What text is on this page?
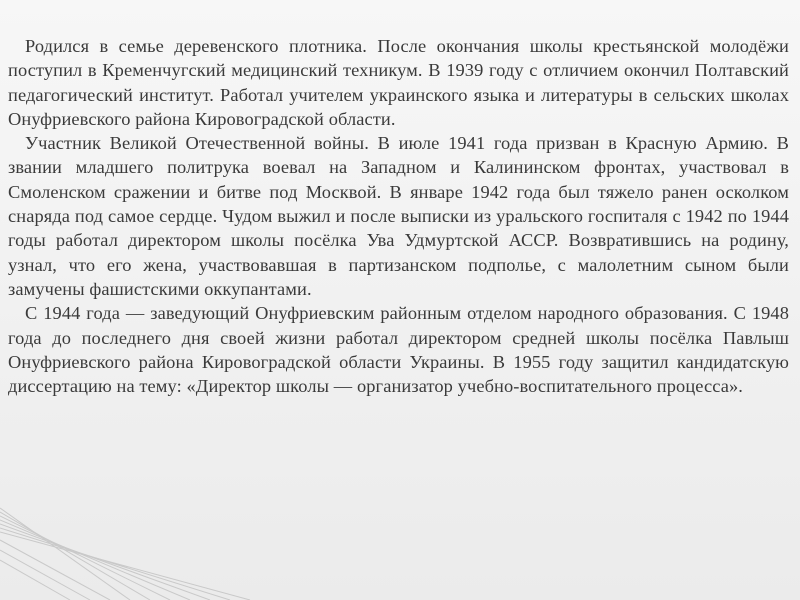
Родился в семье деревенского плотника. После окончания школы крестьянской молодёжи поступил в Кременчугский медицинский техникум. В 1939 году с отличием окончил Полтавский педагогический институт. Работал учителем украинского языка и литературы в сельских школах Онуфриевского района Кировоградской области.

Участник Великой Отечественной войны. В июле 1941 года призван в Красную Армию. В звании младшего политрука воевал на Западном и Калининском фронтах, участвовал в Смоленском сражении и битве под Москвой. В январе 1942 года был тяжело ранен осколком снаряда под самое сердце. Чудом выжил и после выписки из уральского госпиталя с 1942 по 1944 годы работал директором школы посёлка Ува Удмуртской АССР. Возвратившись на родину, узнал, что его жена, участвовавшая в партизанском подполье, с малолетним сыном были замучены фашистскими оккупантами.

С 1944 года — заведующий Онуфриевским районным отделом народного образования. С 1948 года до последнего дня своей жизни работал директором средней школы посёлка Павлыш Онуфриевского района Кировоградской области Украины. В 1955 году защитил кандидатскую диссертацию на тему: «Директор школы — организатор учебно-воспитательного процесса».
